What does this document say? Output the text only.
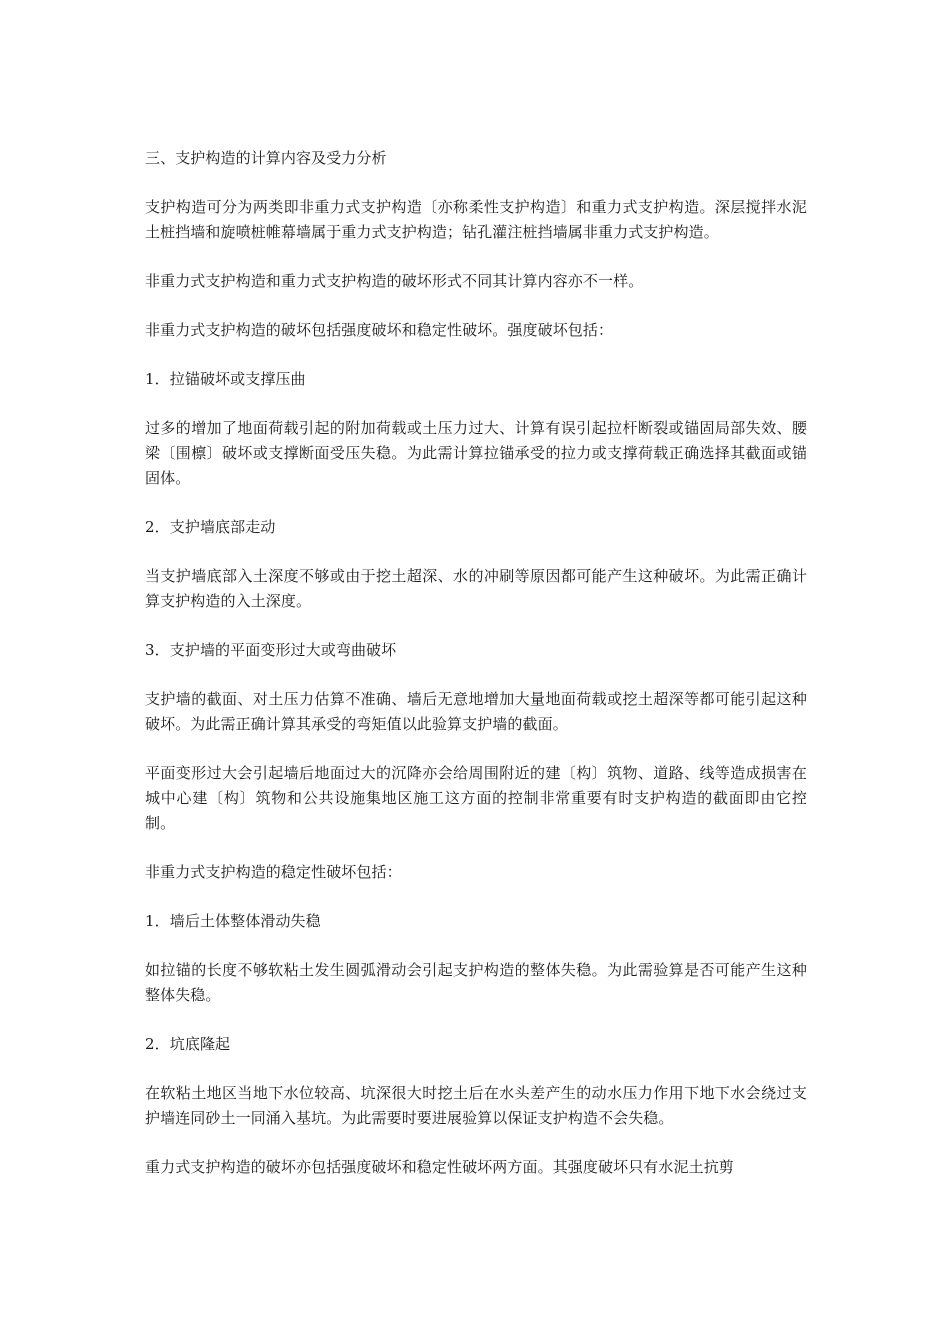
三、支护构造的计算内容及受力分析

支护构造可分为两类即非重力式支护构造〔亦称柔性支护构造〕和重力式支护构造。深层搅拌水泥土桩挡墙和旋喷桩帷幕墙属于重力式支护构造；钻孔灌注桩挡墙属非重力式支护构造。

非重力式支护构造和重力式支护构造的破坏形式不同其计算内容亦不一样。

非重力式支护构造的破坏包括强度破坏和稳定性破坏。强度破坏包括：

1．拉锚破坏或支撑压曲

过多的增加了地面荷载引起的附加荷载或土压力过大、计算有误引起拉杆断裂或锚固局部失效、腰梁〔围檩〕破坏或支撑断面受压失稳。为此需计算拉锚承受的拉力或支撑荷载正确选择其截面或锚固体。

2．支护墙底部走动

当支护墙底部入土深度不够或由于挖土超深、水的冲刷等原因都可能产生这种破坏。为此需正确计算支护构造的入土深度。

3．支护墙的平面变形过大或弯曲破坏

支护墙的截面、对土压力估算不准确、墙后无意地增加大量地面荷载或挖土超深等都可能引起这种破坏。为此需正确计算其承受的弯矩值以此验算支护墙的截面。

平面变形过大会引起墙后地面过大的沉降亦会给周围附近的建〔构〕筑物、道路、线等造成损害在城中心建〔构〕筑物和公共设施集地区施工这方面的控制非常重要有时支护构造的截面即由它控制。

非重力式支护构造的稳定性破坏包括：

1．墙后土体整体滑动失稳

如拉锚的长度不够软粘土发生圆弧滑动会引起支护构造的整体失稳。为此需验算是否可能产生这种整体失稳。

2．坑底隆起

在软粘土地区当地下水位较高、坑深很大时挖土后在水头差产生的动水压力作用下地下水会绕过支护墙连同砂土一同涌入基坑。为此需要时要进展验算以保证支护构造不会失稳。

重力式支护构造的破坏亦包括强度破坏和稳定性破坏两方面。其强度破坏只有水泥土抗剪
